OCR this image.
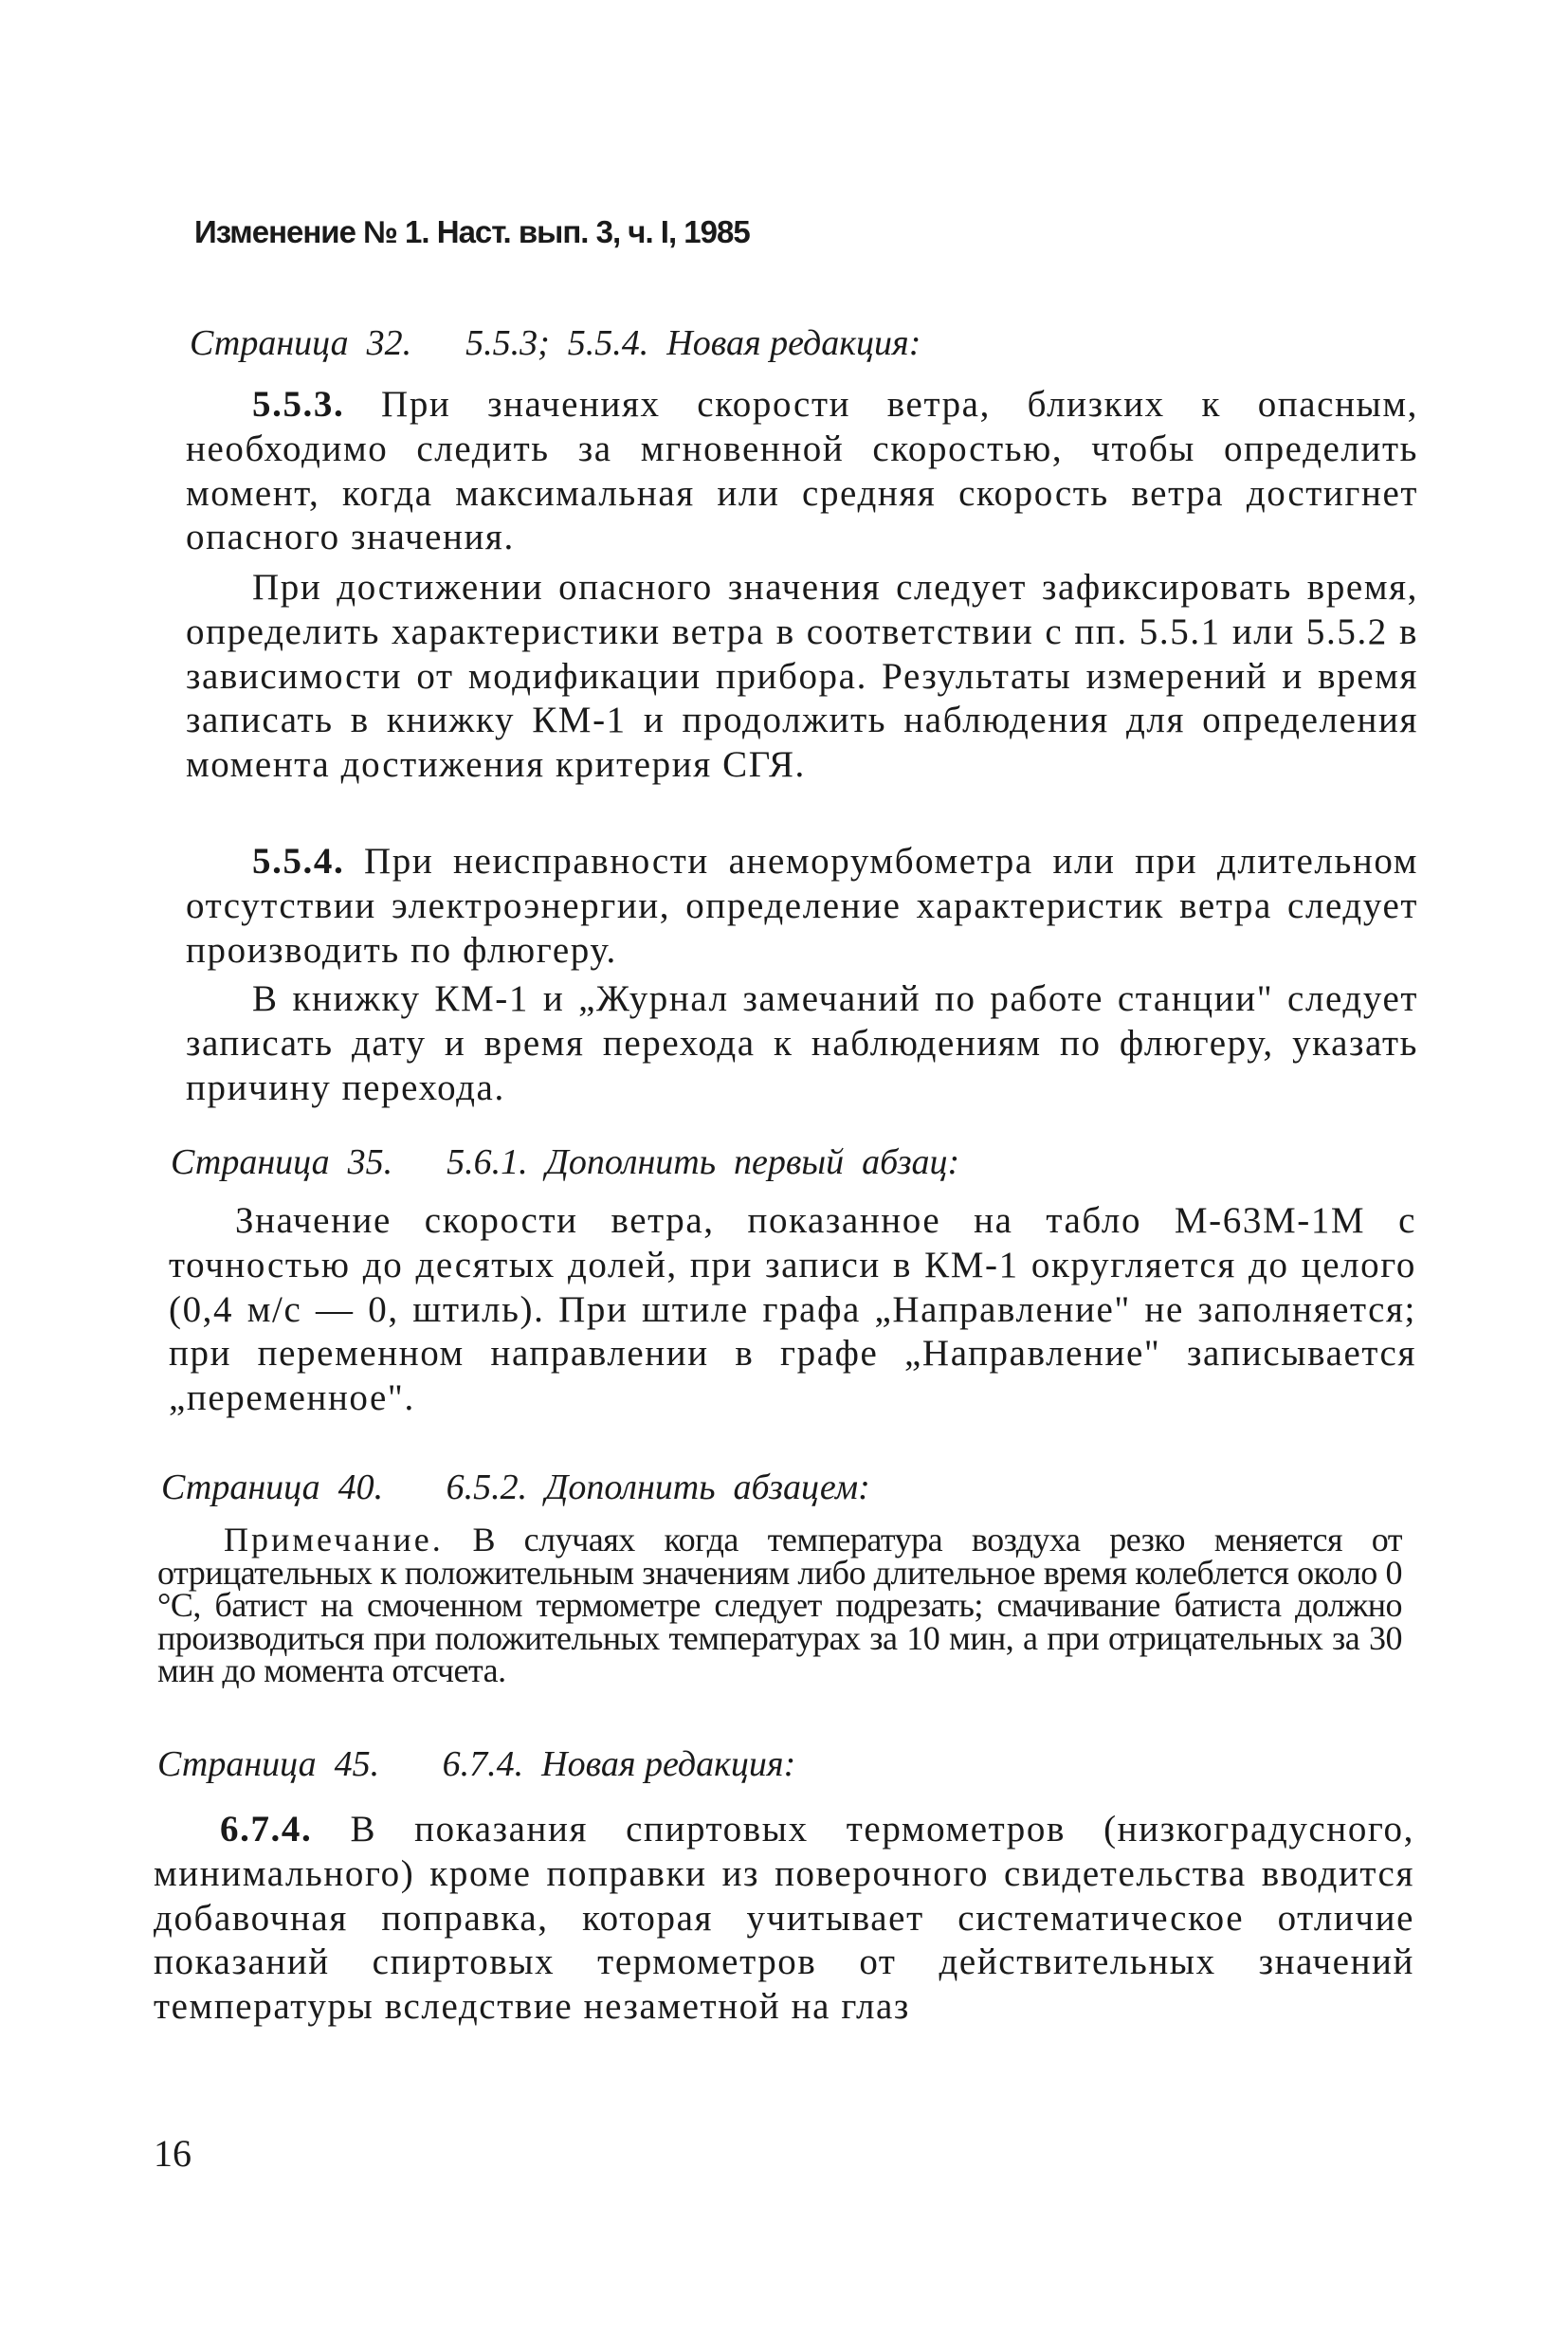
Изменение № 1. Наст. вып. 3, ч. I, 1985

Страница  32.      5.5.3;  5.5.4.  Новая редакция:

5.5.3. При значениях скорости ветра, близких к опасным, необходимо следить за мгновенной скоростью, чтобы определить момент, когда максимальная или средняя скорость ветра достигнет опасного значения.

При достижении опасного значения следует зафиксировать время, определить характеристики ветра в соответствии с пп. 5.5.1 или 5.5.2 в зависимости от модификации прибора. Результаты измерений и время записать в книжку КМ-1 и продолжить наблюдения для определения момента достижения критерия СГЯ.

5.5.4. При неисправности анеморумбометра или при длительном отсутствии электроэнергии, определение характеристик ветра следует производить по флюгеру.

В книжку КМ-1 и „Журнал замечаний по работе станции" следует записать дату и время перехода к наблюдениям по флюгеру, указать причину перехода.

Страница  35.      5.6.1.  Дополнить  первый  абзац:

Значение скорости ветра, показанное на табло М-63М-1М с точностью до десятых долей, при записи в КМ-1 округляется до целого (0,4 м/с — 0, штиль). При штиле графа „Направление" не заполняется; при переменном направлении в графе „Направление" записывается „переменное".

Страница  40.       6.5.2.  Дополнить  абзацем:

Примечание. В случаях когда температура воздуха резко меняется от отрицательных к положительным значениям либо длительное время колеблется около 0 °С, батист на смоченном термометре следует подрезать; смачивание батиста должно производиться при положительных температурах за 10 мин, а при отрицательных за 30 мин до момента отсчета.

Страница  45.       6.7.4.  Новая редакция:

6.7.4. В показания спиртовых термометров (низкоградусного, минимального) кроме поправки из поверочного свидетельства вводится добавочная поправка, которая учитывает систематическое отличие показаний спиртовых термометров от действительных значений температуры вследствие незаметной на глаз

16
